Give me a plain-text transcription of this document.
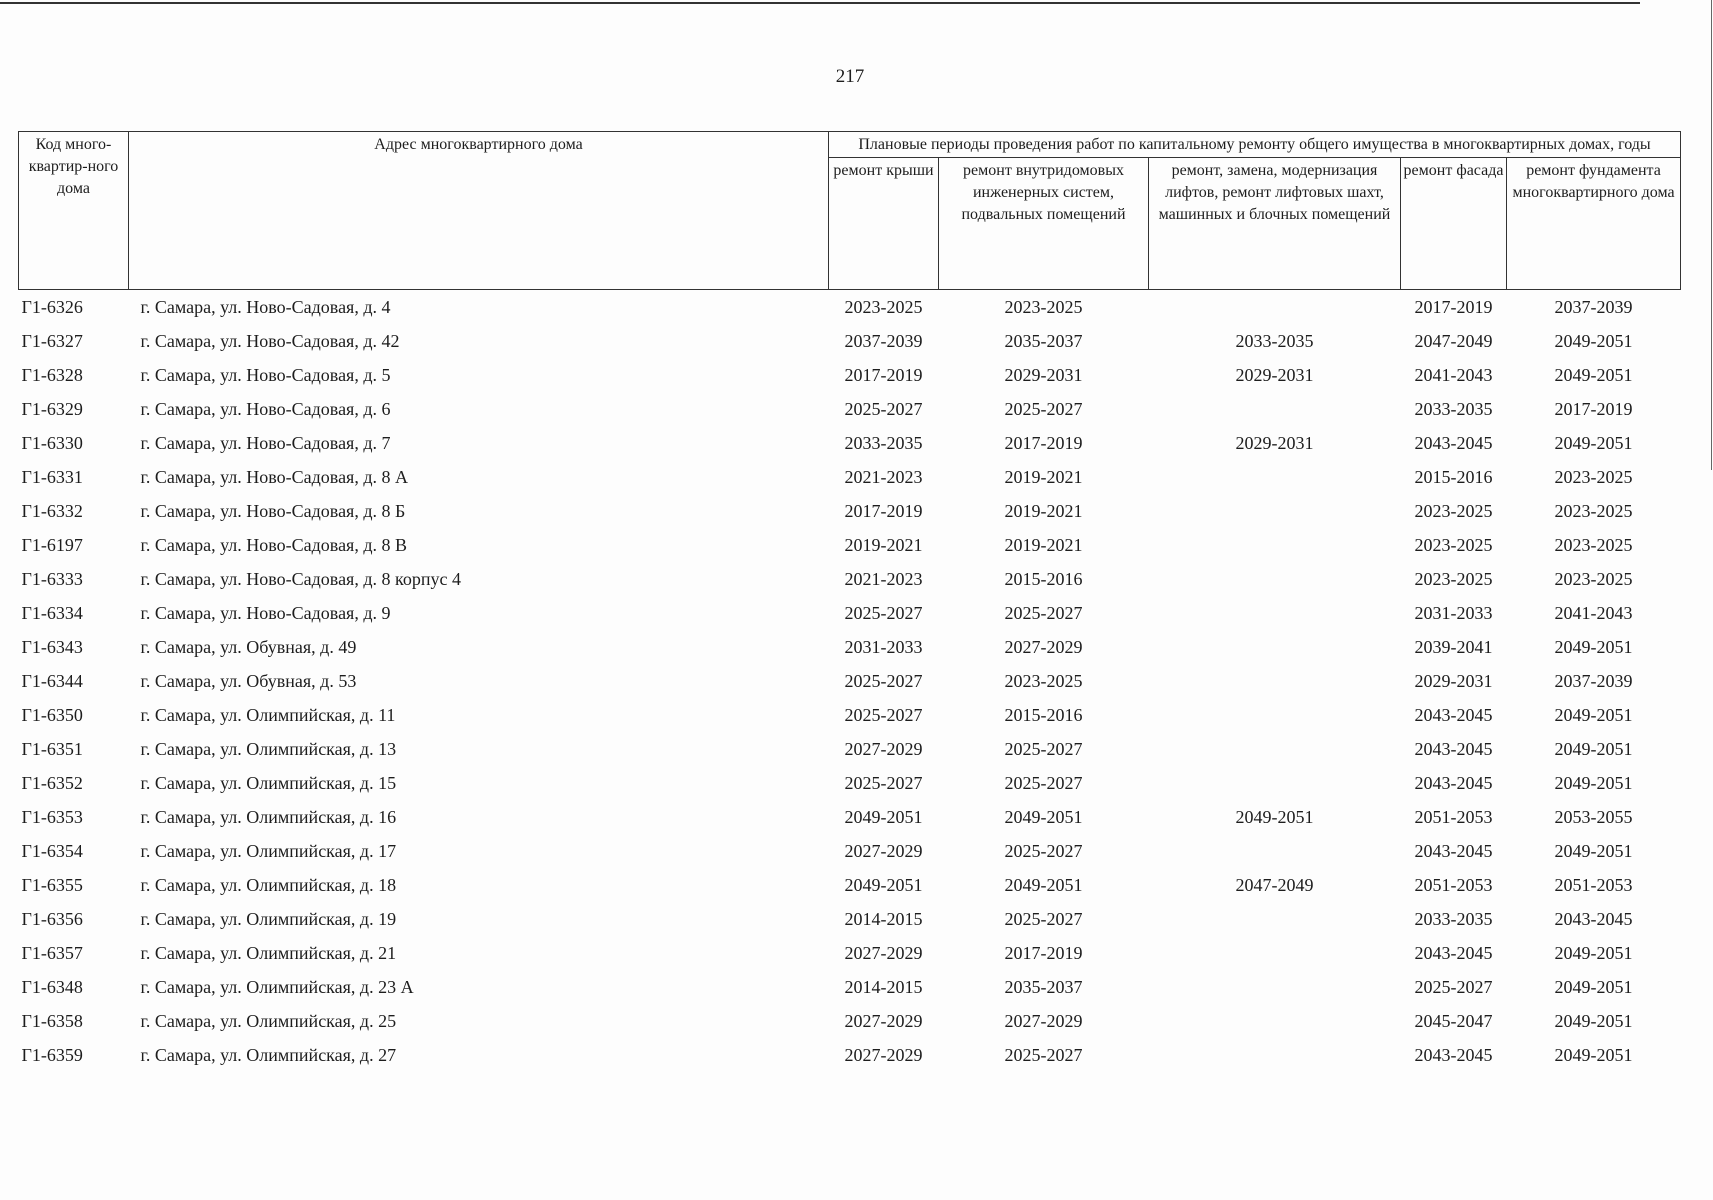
217
Код много-квартир-ного дома	Адрес многоквартирного дома	Плановые периоды проведения работ по капитальному ремонту общего имущества в многоквартирных домах, годы				
		ремонт крыши	ремонт внутридомовых инженерных систем, подвальных помещений	ремонт, замена, модернизация лифтов, ремонт лифтовых шахт, машинных и блочных помещений	ремонт фасада	ремонт фундамента многоквартирного дома
Г1-6326	г. Самара, ул. Ново-Садовая, д. 4	2023-2025	2023-2025		2017-2019	2037-2039
Г1-6327	г. Самара, ул. Ново-Садовая, д. 42	2037-2039	2035-2037	2033-2035	2047-2049	2049-2051
Г1-6328	г. Самара, ул. Ново-Садовая, д. 5	2017-2019	2029-2031	2029-2031	2041-2043	2049-2051
Г1-6329	г. Самара, ул. Ново-Садовая, д. 6	2025-2027	2025-2027		2033-2035	2017-2019
Г1-6330	г. Самара, ул. Ново-Садовая, д. 7	2033-2035	2017-2019	2029-2031	2043-2045	2049-2051
Г1-6331	г. Самара, ул. Ново-Садовая, д. 8 А	2021-2023	2019-2021		2015-2016	2023-2025
Г1-6332	г. Самара, ул. Ново-Садовая, д. 8 Б	2017-2019	2019-2021		2023-2025	2023-2025
Г1-6197	г. Самара, ул. Ново-Садовая, д. 8 В	2019-2021	2019-2021		2023-2025	2023-2025
Г1-6333	г. Самара, ул. Ново-Садовая, д. 8 корпус 4	2021-2023	2015-2016		2023-2025	2023-2025
Г1-6334	г. Самара, ул. Ново-Садовая, д. 9	2025-2027	2025-2027		2031-2033	2041-2043
Г1-6343	г. Самара, ул. Обувная, д. 49	2031-2033	2027-2029		2039-2041	2049-2051
Г1-6344	г. Самара, ул. Обувная, д. 53	2025-2027	2023-2025		2029-2031	2037-2039
Г1-6350	г. Самара, ул. Олимпийская, д. 11	2025-2027	2015-2016		2043-2045	2049-2051
Г1-6351	г. Самара, ул. Олимпийская, д. 13	2027-2029	2025-2027		2043-2045	2049-2051
Г1-6352	г. Самара, ул. Олимпийская, д. 15	2025-2027	2025-2027		2043-2045	2049-2051
Г1-6353	г. Самара, ул. Олимпийская, д. 16	2049-2051	2049-2051	2049-2051	2051-2053	2053-2055
Г1-6354	г. Самара, ул. Олимпийская, д. 17	2027-2029	2025-2027		2043-2045	2049-2051
Г1-6355	г. Самара, ул. Олимпийская, д. 18	2049-2051	2049-2051	2047-2049	2051-2053	2051-2053
Г1-6356	г. Самара, ул. Олимпийская, д. 19	2014-2015	2025-2027		2033-2035	2043-2045
Г1-6357	г. Самара, ул. Олимпийская, д. 21	2027-2029	2017-2019		2043-2045	2049-2051
Г1-6348	г. Самара, ул. Олимпийская, д. 23 А	2014-2015	2035-2037		2025-2027	2049-2051
Г1-6358	г. Самара, ул. Олимпийская, д. 25	2027-2029	2027-2029		2045-2047	2049-2051
Г1-6359	г. Самара, ул. Олимпийская, д. 27	2027-2029	2025-2027		2043-2045	2049-2051
